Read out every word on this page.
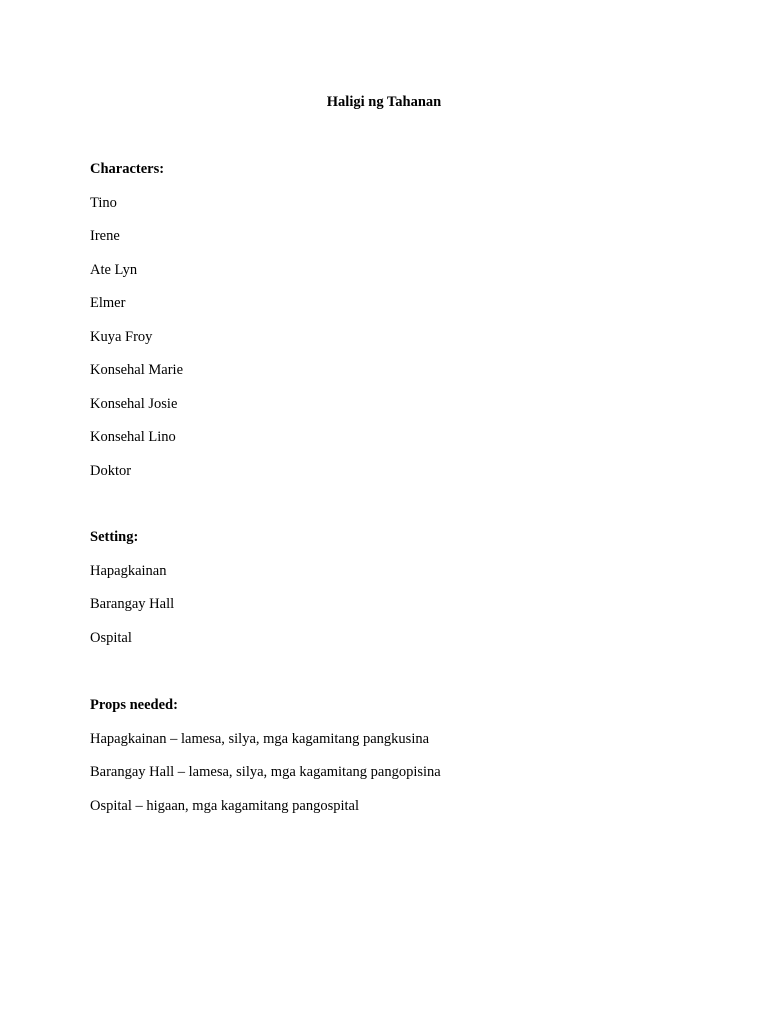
Haligi ng Tahanan
Characters:
Tino
Irene
Ate Lyn
Elmer
Kuya Froy
Konsehal Marie
Konsehal Josie
Konsehal Lino
Doktor
Setting:
Hapagkainan
Barangay Hall
Ospital
Props needed:
Hapagkainan – lamesa, silya, mga kagamitang pangkusina
Barangay Hall – lamesa, silya, mga kagamitang pangopisina
Ospital – higaan, mga kagamitang pangospital
